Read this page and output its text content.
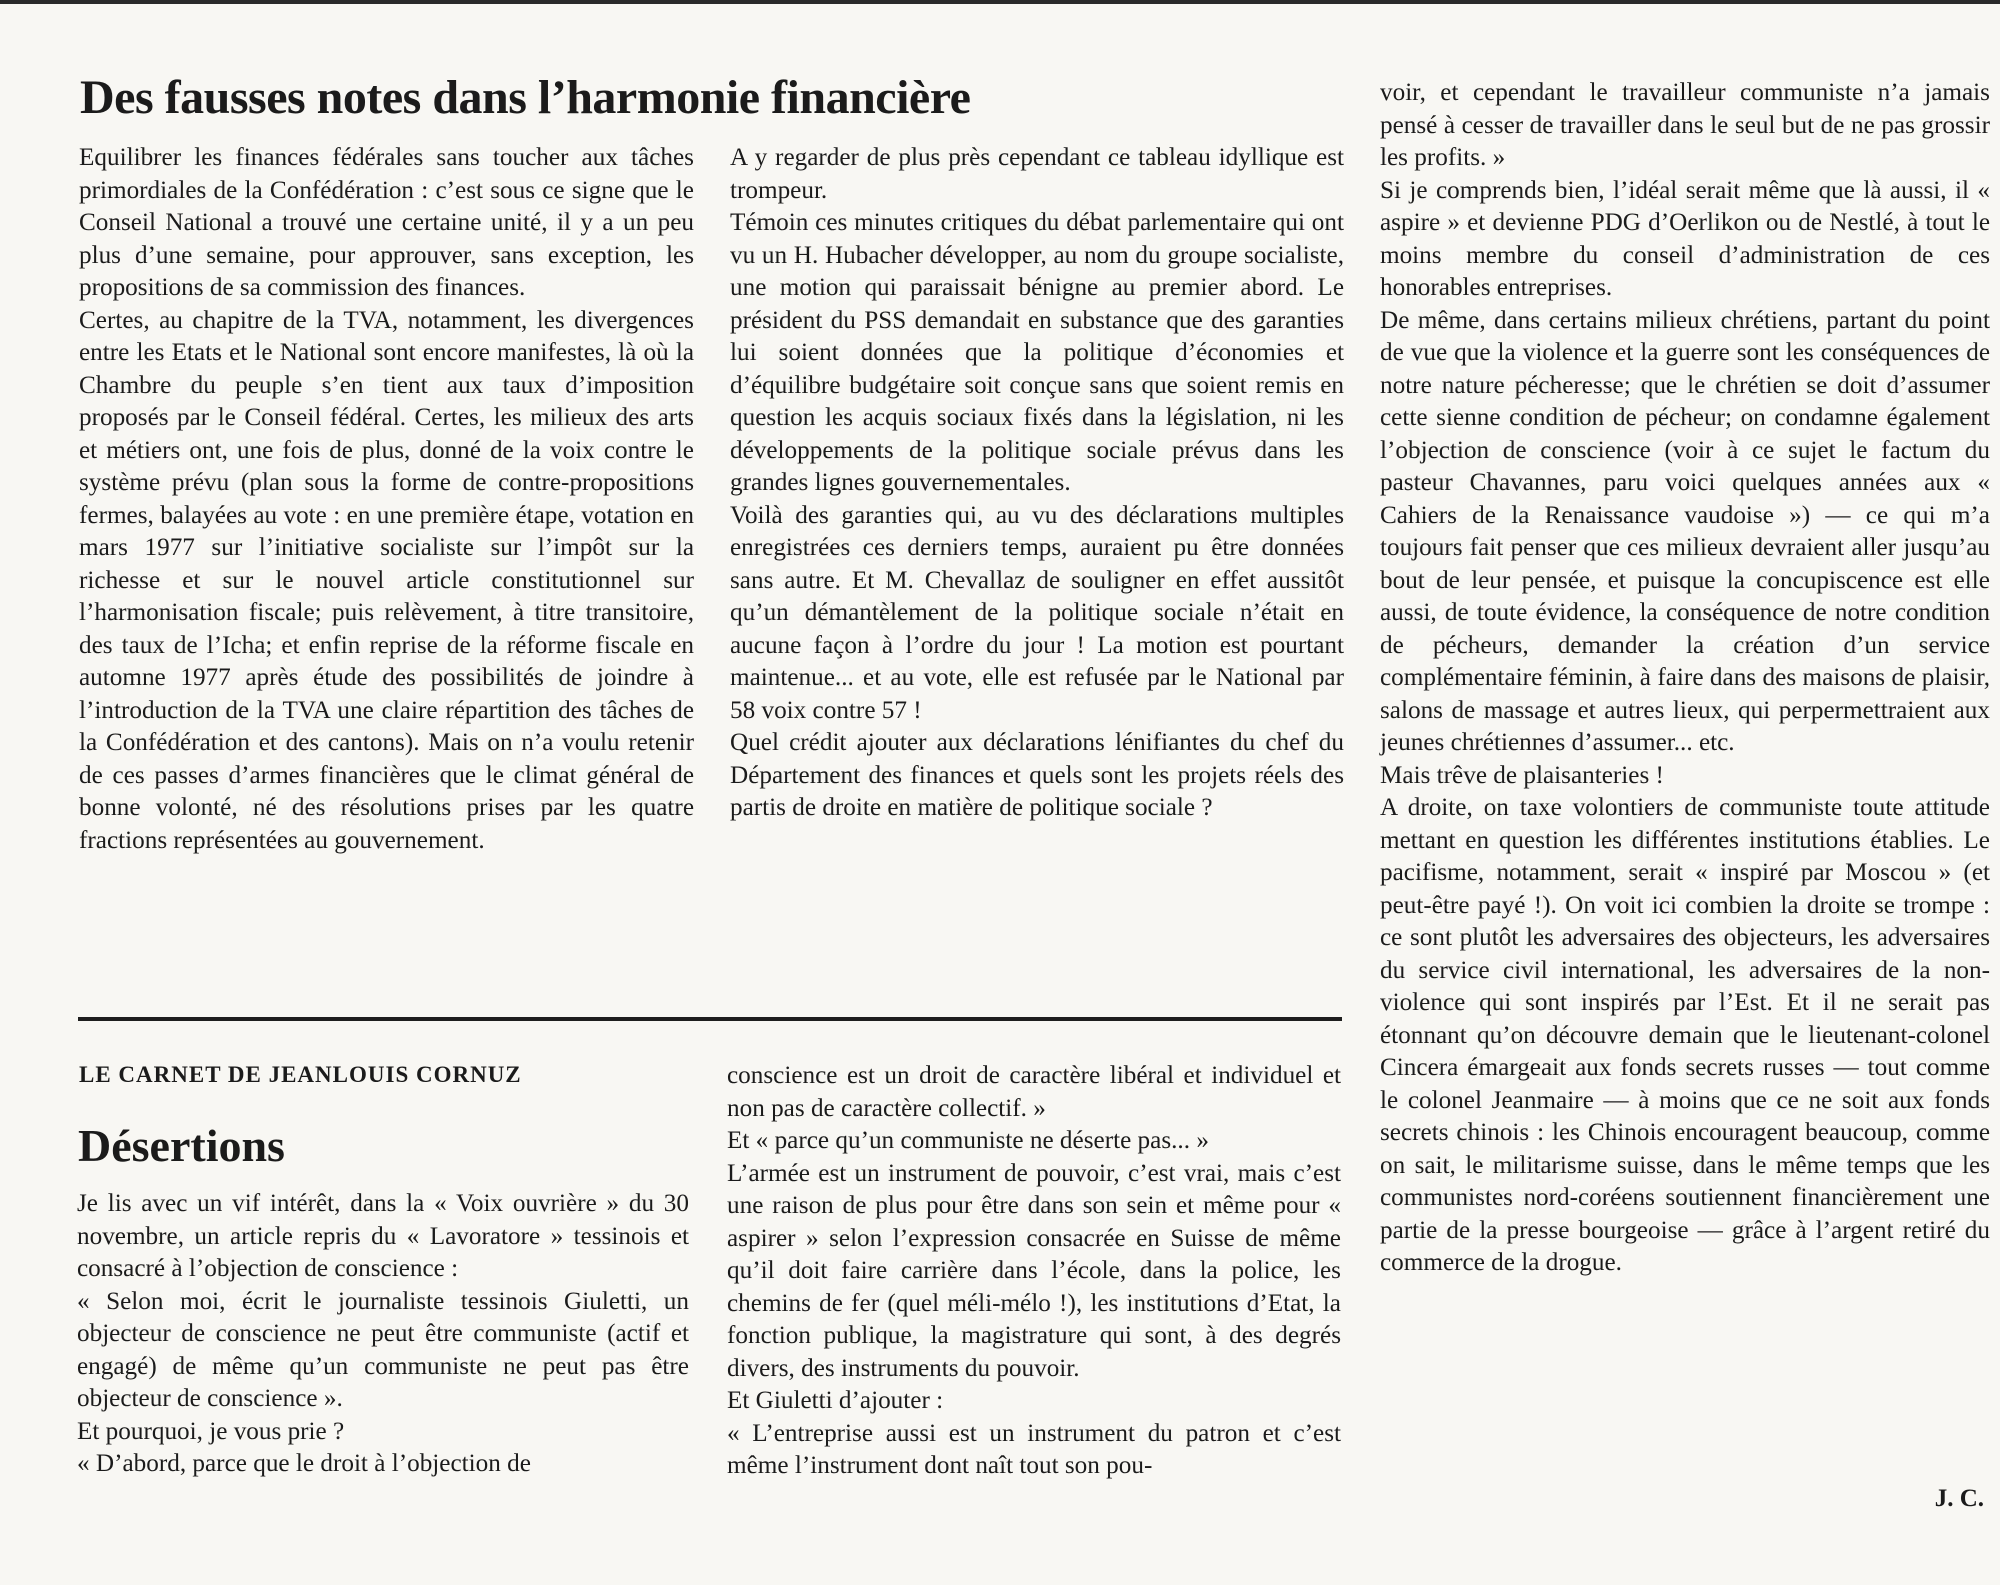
Des fausses notes dans l’harmonie financière

Equilibrer les finances fédérales sans toucher aux tâches primordiales de la Confédération : c’est sous ce signe que le Conseil National a trouvé une certaine unité, il y a un peu plus d’une semaine, pour approuver, sans exception, les propositions de sa commission des finances.

Certes, au chapitre de la TVA, notamment, les divergences entre les Etats et le National sont encore manifestes, là où la Chambre du peuple s’en tient aux taux d’imposition proposés par le Conseil fédéral. Certes, les milieux des arts et métiers ont, une fois de plus, donné de la voix contre le système prévu (plan sous la forme de contre-propositions fermes, balayées au vote : en une première étape, votation en mars 1977 sur l’initiative socialiste sur l’impôt sur la richesse et sur le nouvel article constitutionnel sur l’harmonisation fiscale; puis relèvement, à titre transitoire, des taux de l’Icha; et enfin reprise de la réforme fiscale en automne 1977 après étude des possibilités de joindre à l’introduction de la TVA une claire répartition des tâches de la Confédération et des cantons). Mais on n’a voulu retenir de ces passes d’armes financières que le climat général de bonne volonté, né des résolutions prises par les quatre fractions représentées au gouvernement.

A y regarder de plus près cependant ce tableau idyllique est trompeur.

Témoin ces minutes critiques du débat parlementaire qui ont vu un H. Hubacher développer, au nom du groupe socialiste, une motion qui paraissait bénigne au premier abord. Le président du PSS demandait en substance que des garanties lui soient données que la politique d’économies et d’équilibre budgétaire soit conçue sans que soient remis en question les acquis sociaux fixés dans la législation, ni les développements de la politique sociale prévus dans les grandes lignes gouvernementales.

Voilà des garanties qui, au vu des déclarations multiples enregistrées ces derniers temps, auraient pu être données sans autre. Et M. Chevallaz de souligner en effet aussitôt qu’un démantèlement de la politique sociale n’était en aucune façon à l’ordre du jour ! La motion est pourtant maintenue... et au vote, elle est refusée par le National par 58 voix contre 57 !

Quel crédit ajouter aux déclarations lénifiantes du chef du Département des finances et quels sont les projets réels des partis de droite en matière de politique sociale ?

voir, et cependant le travailleur communiste n’a jamais pensé à cesser de travailler dans le seul but de ne pas grossir les profits. »

Si je comprends bien, l’idéal serait même que là aussi, il « aspire » et devienne PDG d’Oerlikon ou de Nestlé, à tout le moins membre du conseil d’administration de ces honorables entreprises.

De même, dans certains milieux chrétiens, partant du point de vue que la violence et la guerre sont les conséquences de notre nature pécheresse; que le chrétien se doit d’assumer cette sienne condition de pécheur; on condamne également l’objection de conscience (voir à ce sujet le factum du pasteur Chavannes, paru voici quelques années aux « Cahiers de la Renaissance vaudoise ») — ce qui m’a toujours fait penser que ces milieux devraient aller jusqu’au bout de leur pensée, et puisque la concupiscence est elle aussi, de toute évidence, la conséquence de notre condition de pécheurs, demander la création d’un service complémentaire féminin, à faire dans des maisons de plaisir, salons de massage et autres lieux, qui perpermettraient aux jeunes chrétiennes d’assumer... etc.

Mais trêve de plaisanteries !

A droite, on taxe volontiers de communiste toute attitude mettant en question les différentes institutions établies. Le pacifisme, notamment, serait « inspiré par Moscou » (et peut-être payé !). On voit ici combien la droite se trompe : ce sont plutôt les adversaires des objecteurs, les adversaires du service civil international, les adversaires de la non-violence qui sont inspirés par l’Est. Et il ne serait pas étonnant qu’on découvre demain que le lieutenant-colonel Cincera émargeait aux fonds secrets russes — tout comme le colonel Jeanmaire — à moins que ce ne soit aux fonds secrets chinois : les Chinois encouragent beaucoup, comme on sait, le militarisme suisse, dans le même temps que les communistes nord-coréens soutiennent financièrement une partie de la presse bourgeoise — grâce à l’argent retiré du commerce de la drogue.

LE CARNET DE JEANLOUIS CORNUZ
Désertions

Je lis avec un vif intérêt, dans la « Voix ouvrière » du 30 novembre, un article repris du « Lavoratore » tessinois et consacré à l’objection de conscience :

« Selon moi, écrit le journaliste tessinois Giuletti, un objecteur de conscience ne peut être communiste (actif et engagé) de même qu’un communiste ne peut pas être objecteur de conscience ».

Et pourquoi, je vous prie ?

« D’abord, parce que le droit à l’objection de

conscience est un droit de caractère libéral et individuel et non pas de caractère collectif. »

Et « parce qu’un communiste ne déserte pas... »

L’armée est un instrument de pouvoir, c’est vrai, mais c’est une raison de plus pour être dans son sein et même pour « aspirer » selon l’expression consacrée en Suisse de même qu’il doit faire carrière dans l’école, dans la police, les chemins de fer (quel méli-mélo !), les institutions d’Etat, la fonction publique, la magistrature qui sont, à des degrés divers, des instruments du pouvoir.

Et Giuletti d’ajouter :

« L’entreprise aussi est un instrument du patron et c’est même l’instrument dont naît tout son pou-

J. C.
